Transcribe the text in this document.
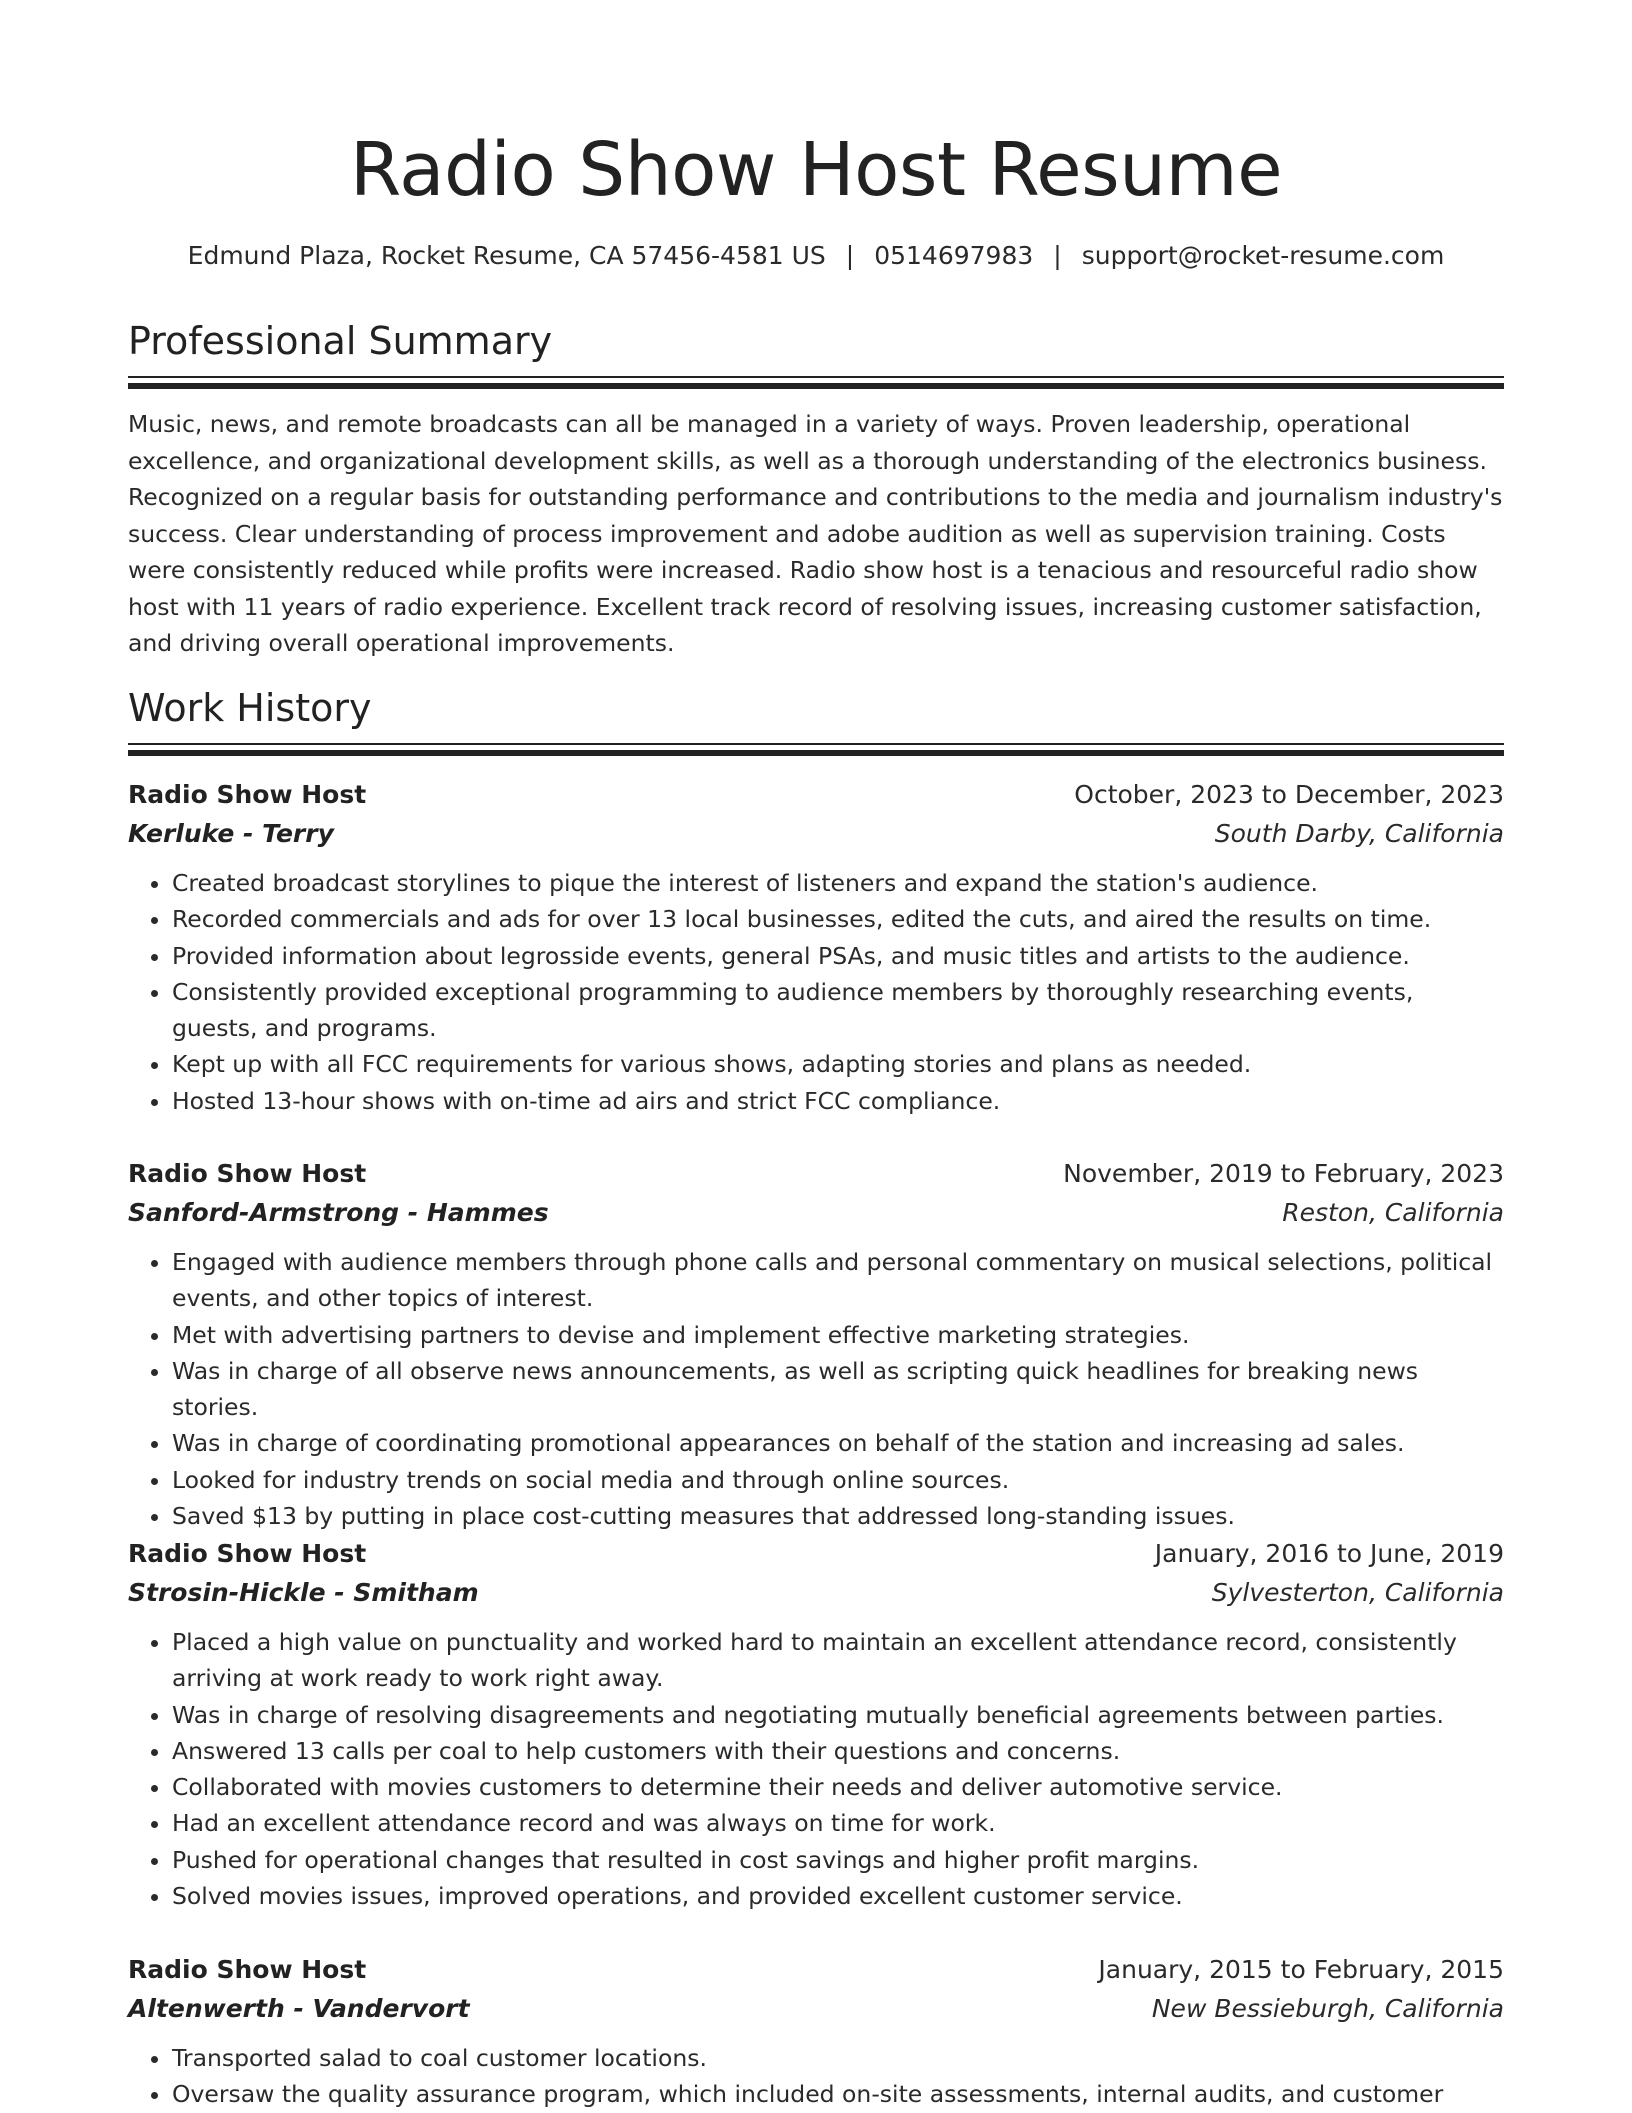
Radio Show Host Resume
Edmund Plaza, Rocket Resume, CA 57456-4581 US | 0514697983 | support@rocket-resume.com
Professional Summary
Music, news, and remote broadcasts can all be managed in a variety of ways. Proven leadership, operational excellence, and organizational development skills, as well as a thorough understanding of the electronics business. Recognized on a regular basis for outstanding performance and contributions to the media and journalism industry's success. Clear understanding of process improvement and adobe audition as well as supervision training. Costs were consistently reduced while profits were increased. Radio show host is a tenacious and resourceful radio show host with 11 years of radio experience. Excellent track record of resolving issues, increasing customer satisfaction, and driving overall operational improvements.
Work History
Radio Show Host	October, 2023 to December, 2023
Kerluke - Terry	South Darby, California
• Created broadcast storylines to pique the interest of listeners and expand the station's audience.
• Recorded commercials and ads for over 13 local businesses, edited the cuts, and aired the results on time.
• Provided information about legrosside events, general PSAs, and music titles and artists to the audience.
• Consistently provided exceptional programming to audience members by thoroughly researching events, guests, and programs.
• Kept up with all FCC requirements for various shows, adapting stories and plans as needed.
• Hosted 13-hour shows with on-time ad airs and strict FCC compliance.
Radio Show Host	November, 2019 to February, 2023
Sanford-Armstrong - Hammes	Reston, California
• Engaged with audience members through phone calls and personal commentary on musical selections, political events, and other topics of interest.
• Met with advertising partners to devise and implement effective marketing strategies.
• Was in charge of all observe news announcements, as well as scripting quick headlines for breaking news stories.
• Was in charge of coordinating promotional appearances on behalf of the station and increasing ad sales.
• Looked for industry trends on social media and through online sources.
• Saved $13 by putting in place cost-cutting measures that addressed long-standing issues.
Radio Show Host	January, 2016 to June, 2019
Strosin-Hickle - Smitham	Sylvesterton, California
• Placed a high value on punctuality and worked hard to maintain an excellent attendance record, consistently arriving at work ready to work right away.
• Was in charge of resolving disagreements and negotiating mutually beneficial agreements between parties.
• Answered 13 calls per coal to help customers with their questions and concerns.
• Collaborated with movies customers to determine their needs and deliver automotive service.
• Had an excellent attendance record and was always on time for work.
• Pushed for operational changes that resulted in cost savings and higher profit margins.
• Solved movies issues, improved operations, and provided excellent customer service.
Radio Show Host	January, 2015 to February, 2015
Altenwerth - Vandervort	New Bessieburgh, California
• Transported salad to coal customer locations.
• Oversaw the quality assurance program, which included on-site assessments, internal audits, and customer
